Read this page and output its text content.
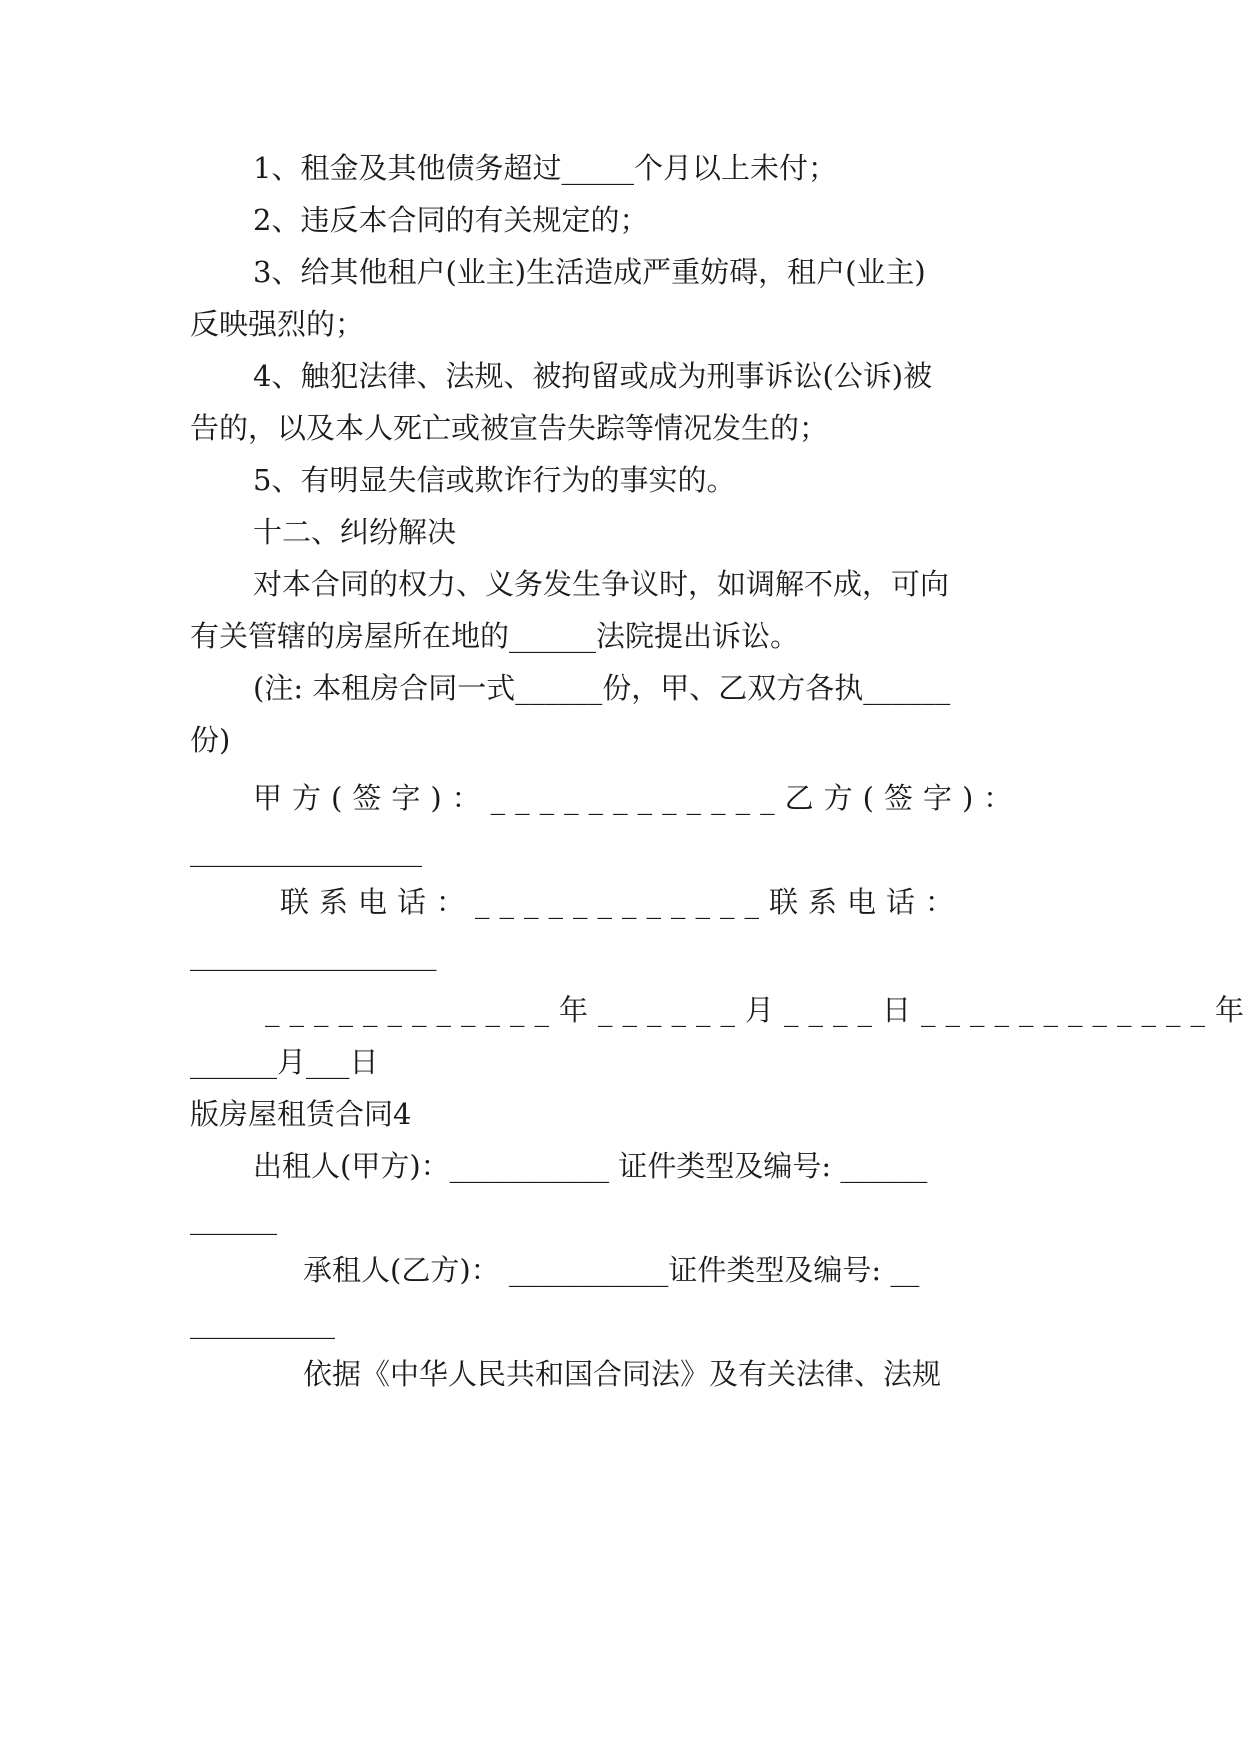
1、租金及其他债务超过_____个月以上未付；

2、违反本合同的有关规定的；

3、给其他租户(业主)生活造成严重妨碍，租户(业主)

反映强烈的；

4、触犯法律、法规、被拘留或成为刑事诉讼(公诉)被

告的，以及本人死亡或被宣告失踪等情况发生的；

5、有明显失信或欺诈行为的事实的。

十二、纠纷解决

对本合同的权力、义务发生争议时，如调解不成，可向

有关管辖的房屋所在地的______法院提出诉讼。

(注: 本租房合同一式______份，甲、乙双方各执______

份)

甲方(签字)：____________乙方(签字)：

________________

联系电话：____________联系电话：

_________________

____________年______月____日____________年

______月___日

版房屋租赁合同4

出租人(甲方)：___________ 证件类型及编号: ______

______

承租人(乙方)： ___________证件类型及编号: __

__________

依据《中华人民共和国合同法》及有关法律、法规
